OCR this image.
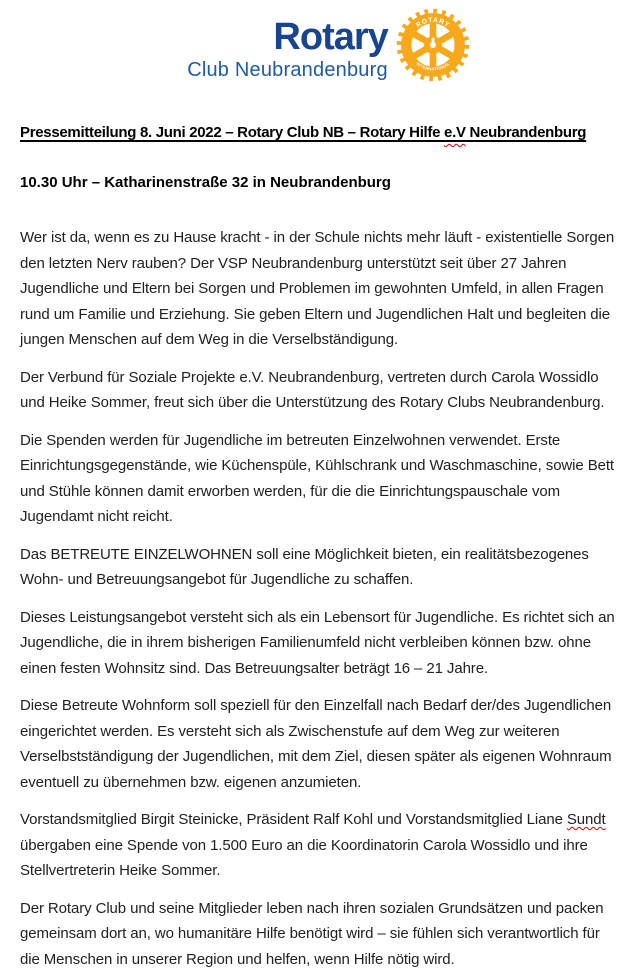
Rotary
Club Neubrandenburg
ROTARY
INTERNATIONAL
Pressemitteilung 8. Juni 2022 – Rotary Club NB – Rotary Hilfe e.V Neubrandenburg
10.30 Uhr – Katharinenstraße 32 in Neubrandenburg

Wer ist da, wenn es zu Hause kracht - in der Schule nichts mehr läuft - existentielle Sorgen den letzten Nerv rauben? Der VSP Neubrandenburg unterstützt seit über 27 Jahren Jugendliche und Eltern bei Sorgen und Problemen im gewohnten Umfeld, in allen Fragen rund um Familie und Erziehung. Sie geben Eltern und Jugendlichen Halt und begleiten die jungen Menschen auf dem Weg in die Verselbständigung.

Der Verbund für Soziale Projekte e.V. Neubrandenburg, vertreten durch Carola Wossidlo und Heike Sommer, freut sich über die Unterstützung des Rotary Clubs Neubrandenburg.

Die Spenden werden für Jugendliche im betreuten Einzelwohnen verwendet. Erste Einrichtungsgegenstände, wie Küchenspüle, Kühlschrank und Waschmaschine, sowie Bett und Stühle können damit erworben werden, für die die Einrichtungspauschale vom Jugendamt nicht reicht.

Das BETREUTE EINZELWOHNEN soll eine Möglichkeit bieten, ein realitätsbezogenes Wohn- und Betreuungsangebot für Jugendliche zu schaffen.

Dieses Leistungsangebot versteht sich als ein Lebensort für Jugendliche. Es richtet sich an Jugendliche, die in ihrem bisherigen Familienumfeld nicht verbleiben können bzw. ohne einen festen Wohnsitz sind. Das Betreuungsalter beträgt 16 – 21 Jahre.

Diese Betreute Wohnform soll speziell für den Einzelfall nach Bedarf der/des Jugendlichen eingerichtet werden. Es versteht sich als Zwischenstufe auf dem Weg zur weiteren Verselbstständigung der Jugendlichen, mit dem Ziel, diesen später als eigenen Wohnraum eventuell zu übernehmen bzw. eigenen anzumieten.

Vorstandsmitglied Birgit Steinicke, Präsident Ralf Kohl und Vorstandsmitglied Liane Sundt übergaben eine Spende von 1.500 Euro an die Koordinatorin Carola Wossidlo und ihre Stellvertreterin Heike Sommer.

Der Rotary Club und seine Mitglieder leben nach ihren sozialen Grundsätzen und packen gemeinsam dort an, wo humanitäre Hilfe benötigt wird – sie fühlen sich verantwortlich für die Menschen in unserer Region und helfen, wenn Hilfe nötig wird.
